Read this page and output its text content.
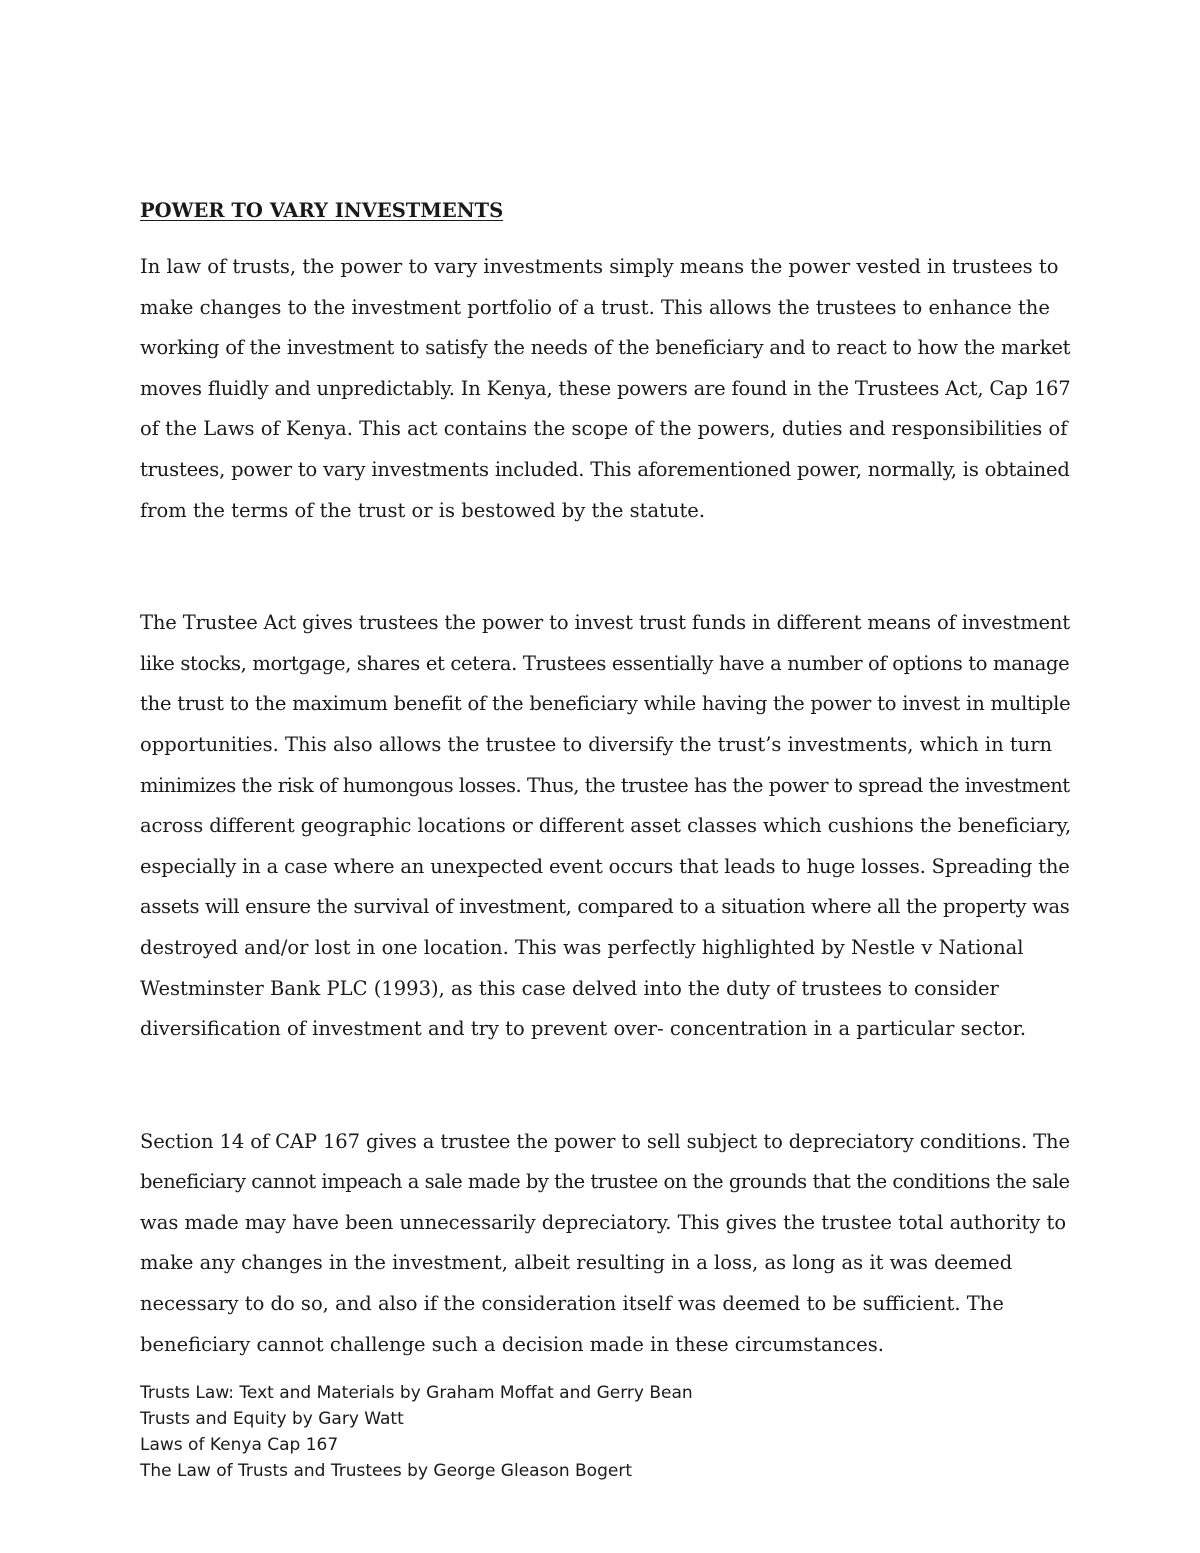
POWER TO VARY INVESTMENTS

In law of trusts, the power to vary investments simply means the power vested in trustees to
make changes to the investment portfolio of a trust. This allows the trustees to enhance the
working of the investment to satisfy the needs of the beneficiary and to react to how the market
moves fluidly and unpredictably. In Kenya, these powers are found in the Trustees Act, Cap 167
of the Laws of Kenya. This act contains the scope of the powers, duties and responsibilities of
trustees, power to vary investments included. This aforementioned power, normally, is obtained
from the terms of the trust or is bestowed by the statute.

The Trustee Act gives trustees the power to invest trust funds in different means of investment
like stocks, mortgage, shares et cetera. Trustees essentially have a number of options to manage
the trust to the maximum benefit of the beneficiary while having the power to invest in multiple
opportunities. This also allows the trustee to diversify the trust’s investments, which in turn
minimizes the risk of humongous losses. Thus, the trustee has the power to spread the investment
across different geographic locations or different asset classes which cushions the beneficiary,
especially in a case where an unexpected event occurs that leads to huge losses. Spreading the
assets will ensure the survival of investment, compared to a situation where all the property was
destroyed and/or lost in one location. This was perfectly highlighted by Nestle v National
Westminster Bank PLC (1993), as this case delved into the duty of trustees to consider
diversification of investment and try to prevent over- concentration in a particular sector.

Section 14 of CAP 167 gives a trustee the power to sell subject to depreciatory conditions. The
beneficiary cannot impeach a sale made by the trustee on the grounds that the conditions the sale
was made may have been unnecessarily depreciatory. This gives the trustee total authority to
make any changes in the investment, albeit resulting in a loss, as long as it was deemed
necessary to do so, and also if the consideration itself was deemed to be sufficient. The
beneficiary cannot challenge such a decision made in these circumstances.

Trusts Law: Text and Materials by Graham Moffat and Gerry Bean
Trusts and Equity by Gary Watt
Laws of Kenya Cap 167
The Law of Trusts and Trustees by George Gleason Bogert
